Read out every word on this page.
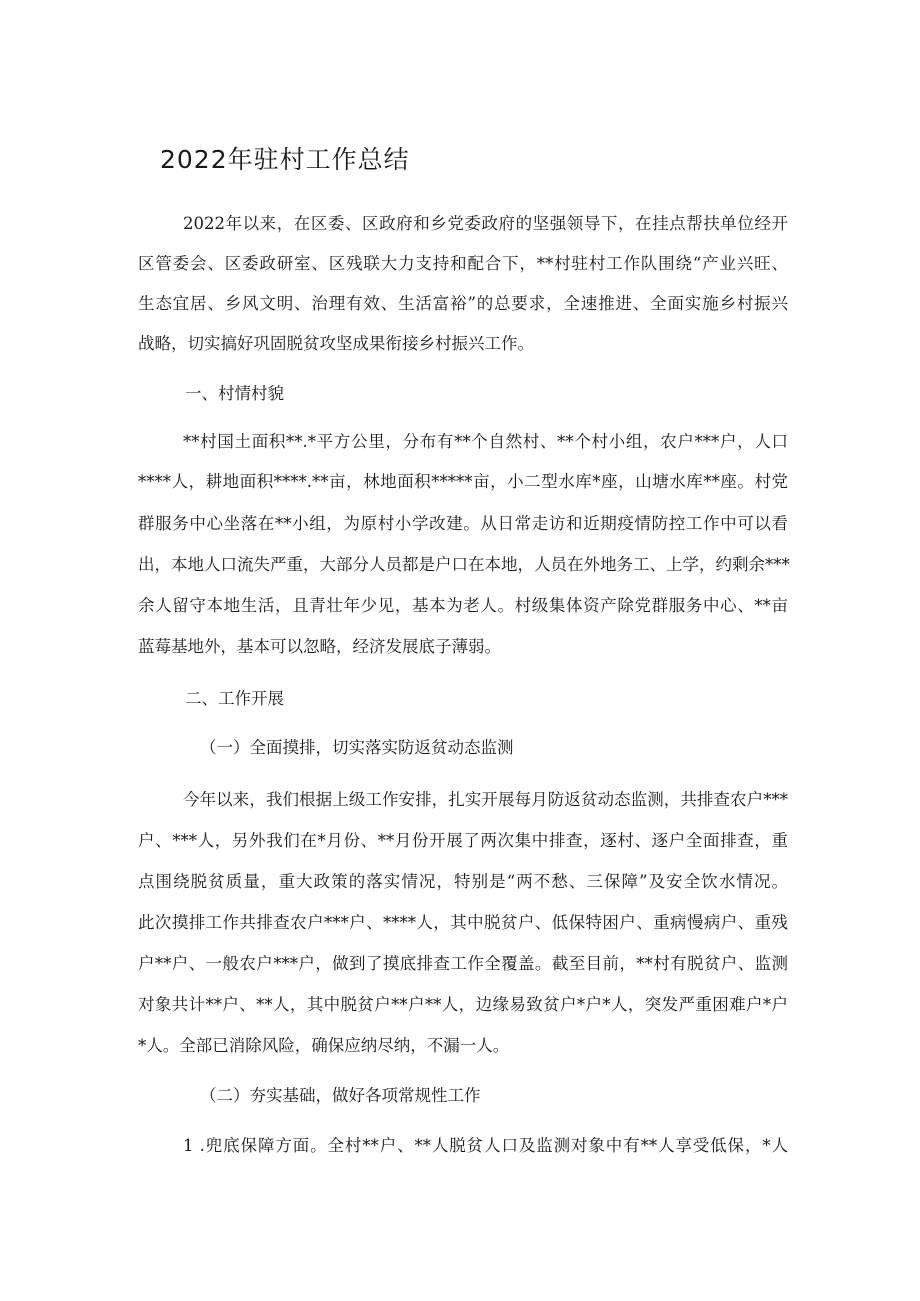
2022年驻村工作总结
2022年以来，在区委、区政府和乡党委政府的坚强领导下，在挂点帮扶单位经开
区管委会、区委政研室、区残联大力支持和配合下，**村驻村工作队围绕“产业兴旺、
生态宜居、乡风文明、治理有效、生活富裕”的总要求，全速推进、全面实施乡村振兴
战略，切实搞好巩固脱贫攻坚成果衔接乡村振兴工作。
一、村情村貌
**村国土面积**.*平方公里，分布有**个自然村、**个村小组，农户***户，人口
****人，耕地面积****.**亩，林地面积*****亩，小二型水库*座，山塘水库**座。村党
群服务中心坐落在**小组，为原村小学改建。从日常走访和近期疫情防控工作中可以看
出，本地人口流失严重，大部分人员都是户口在本地，人员在外地务工、上学，约剩余***
余人留守本地生活，且青壮年少见，基本为老人。村级集体资产除党群服务中心、**亩
蓝莓基地外，基本可以忽略，经济发展底子薄弱。
二、工作开展
（一）全面摸排，切实落实防返贫动态监测
今年以来，我们根据上级工作安排，扎实开展每月防返贫动态监测，共排查农户***
户、***人，另外我们在*月份、**月份开展了两次集中排查，逐村、逐户全面排查，重
点围绕脱贫质量，重大政策的落实情况，特别是“两不愁、三保障”及安全饮水情况。
此次摸排工作共排查农户***户、****人，其中脱贫户、低保特困户、重病慢病户、重残
户**户、一般农户***户，做到了摸底排查工作全覆盖。截至目前，**村有脱贫户、监测
对象共计**户、**人，其中脱贫户**户**人，边缘易致贫户*户*人，突发严重困难户*户
*人。全部已消除风险，确保应纳尽纳，不漏一人。
（二）夯实基础，做好各项常规性工作
1 .兜底保障方面。全村**户、**人脱贫人口及监测对象中有**人享受低保，*人
